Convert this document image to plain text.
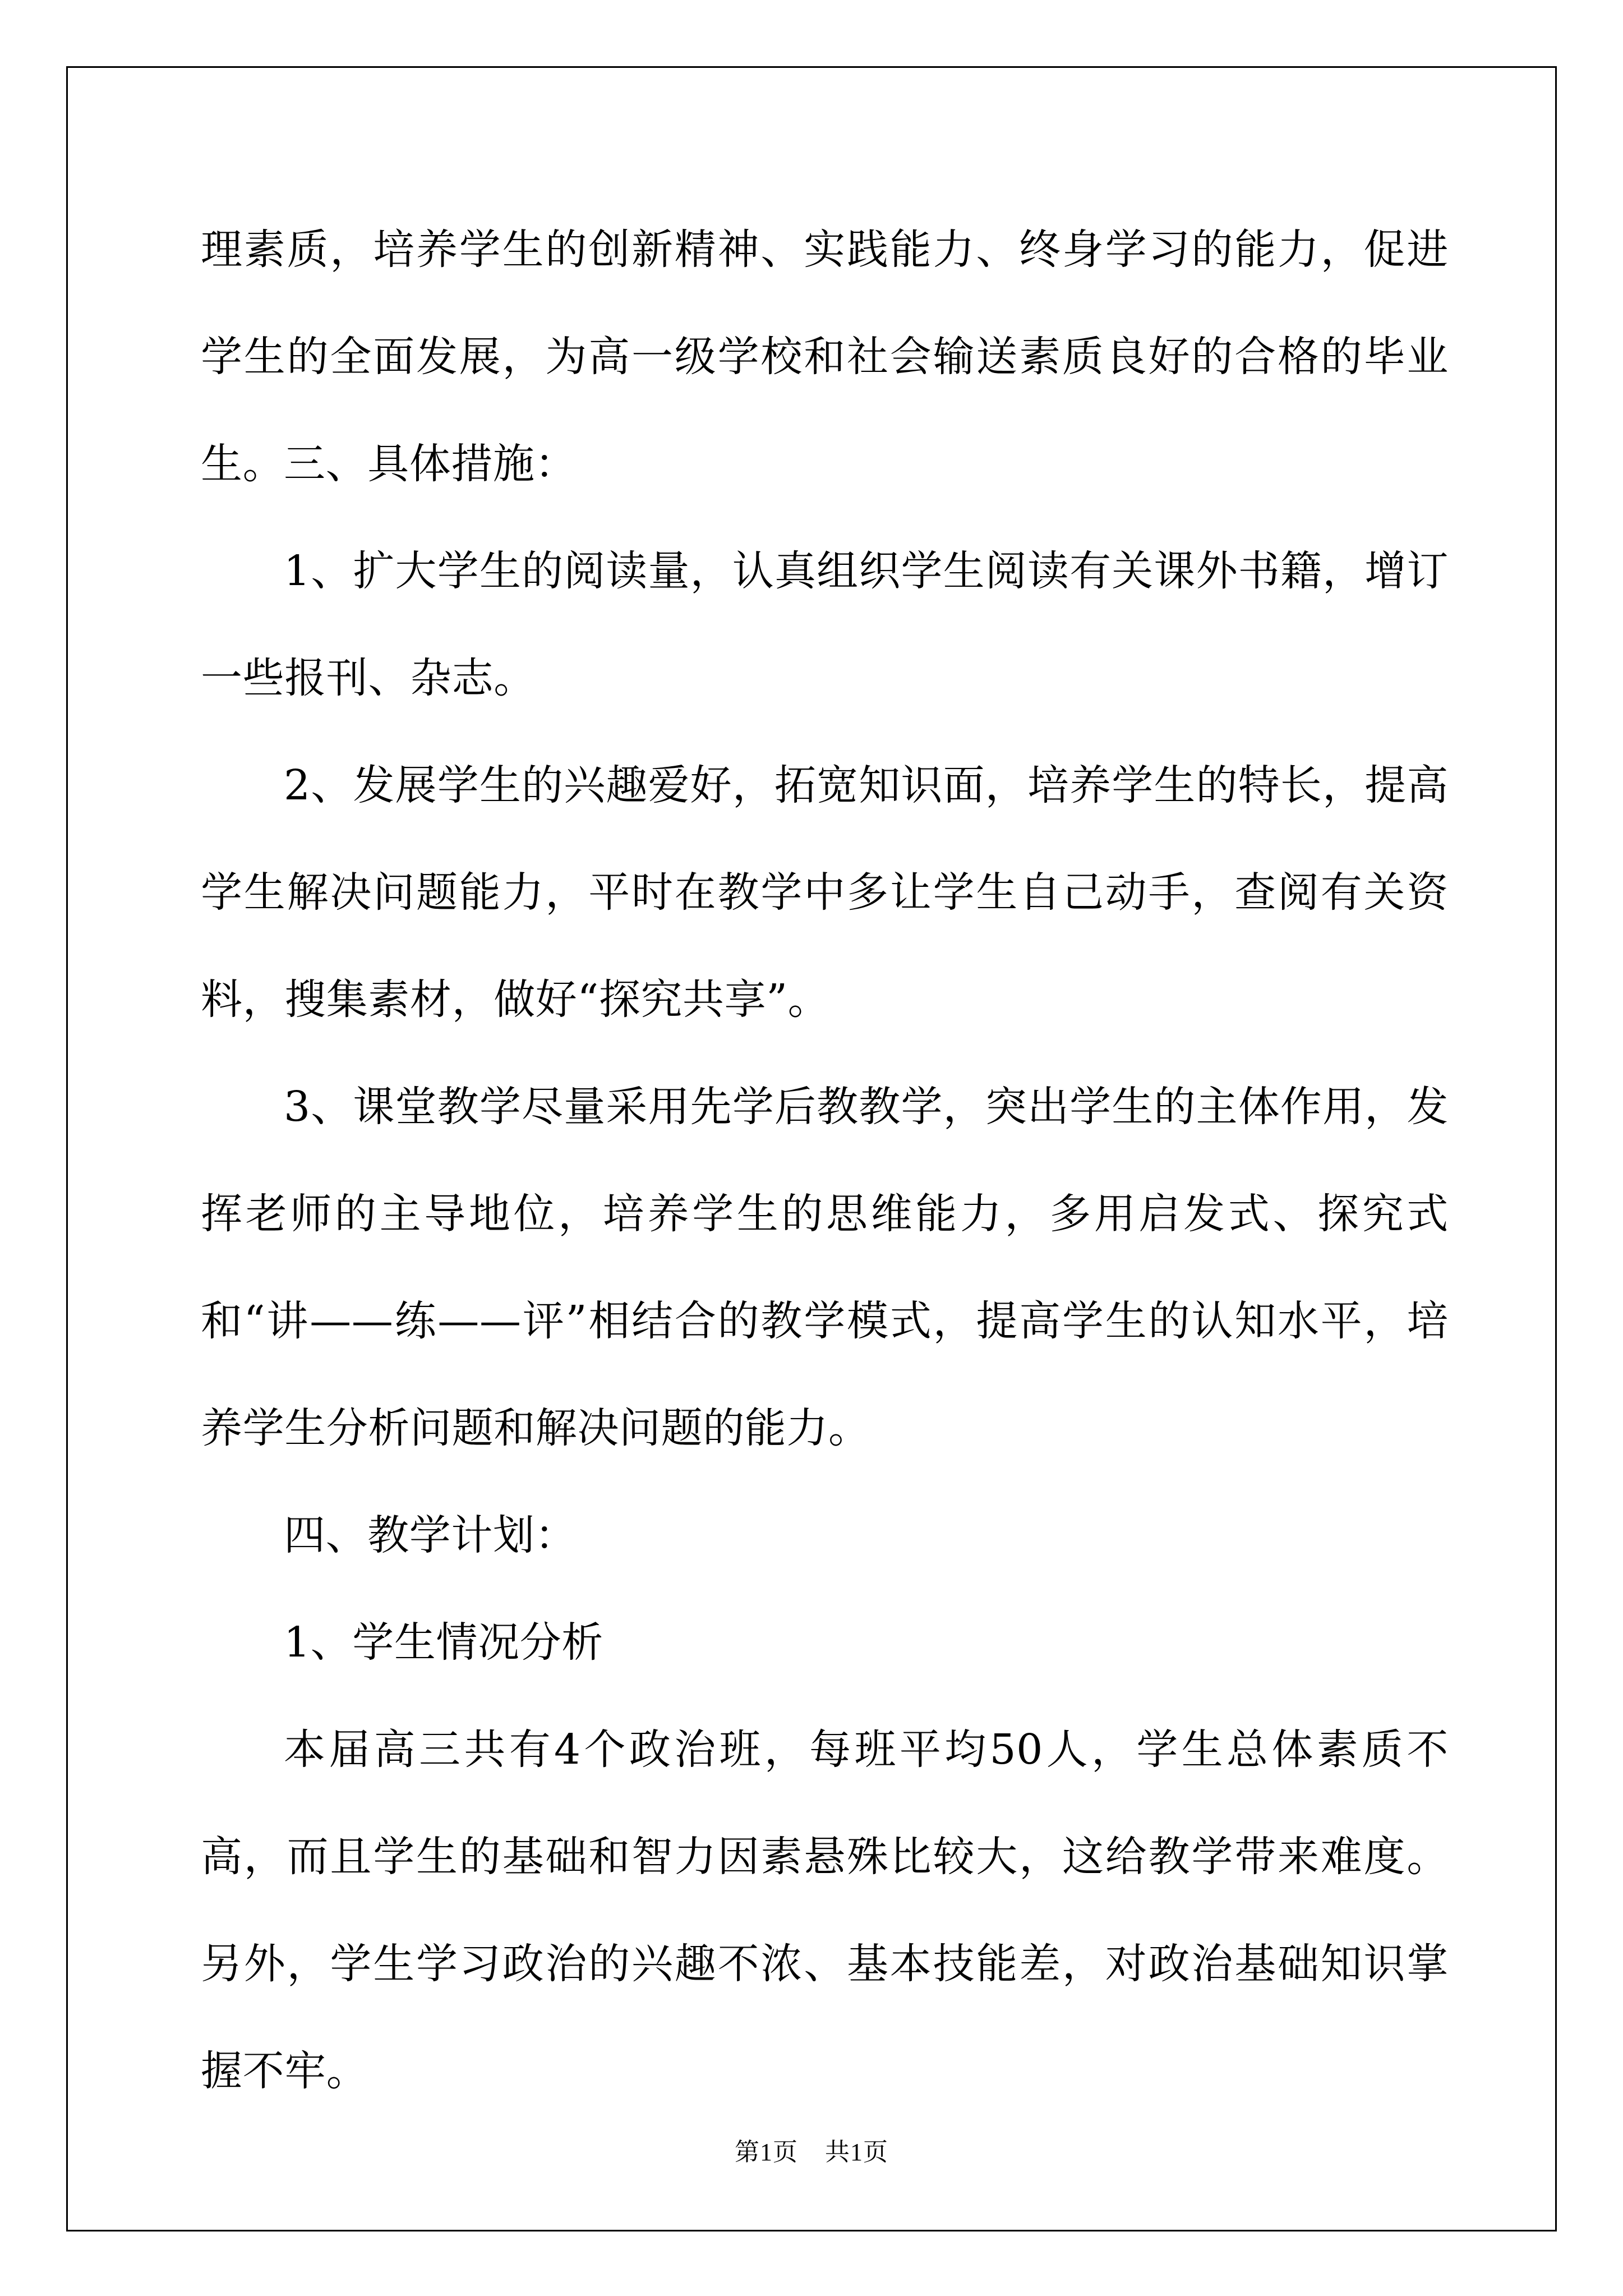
理素质，培养学生的创新精神、实践能力、终身学习的能力，促进学生的全面发展，为高一级学校和社会输送素质良好的合格的毕业生。

三、具体措施：

1、扩大学生的阅读量，认真组织学生阅读有关课外书籍，增订一些报刊、杂志。

2、发展学生的兴趣爱好，拓宽知识面，培养学生的特长，提高学生解决问题能力，平时在教学中多让学生自己动手，查阅有关资料，搜集素材，做好“探究共享”。

3、课堂教学尽量采用先学后教教学，突出学生的主体作用，发挥老师的主导地位，培养学生的思维能力，多用启发式、探究式和“讲——练——评”相结合的教学模式，提高学生的认知水平，培养学生分析问题和解决问题的能力。

四、教学计划：

1、学生情况分析

本届高三共有4个政治班，每班平均50人，学生总体素质不高，而且学生的基础和智力因素悬殊比较大，这给教学带来难度。另外，学生学习政治的兴趣不浓、基本技能差，对政治基础知识掌握不牢。

第1页 共1页
